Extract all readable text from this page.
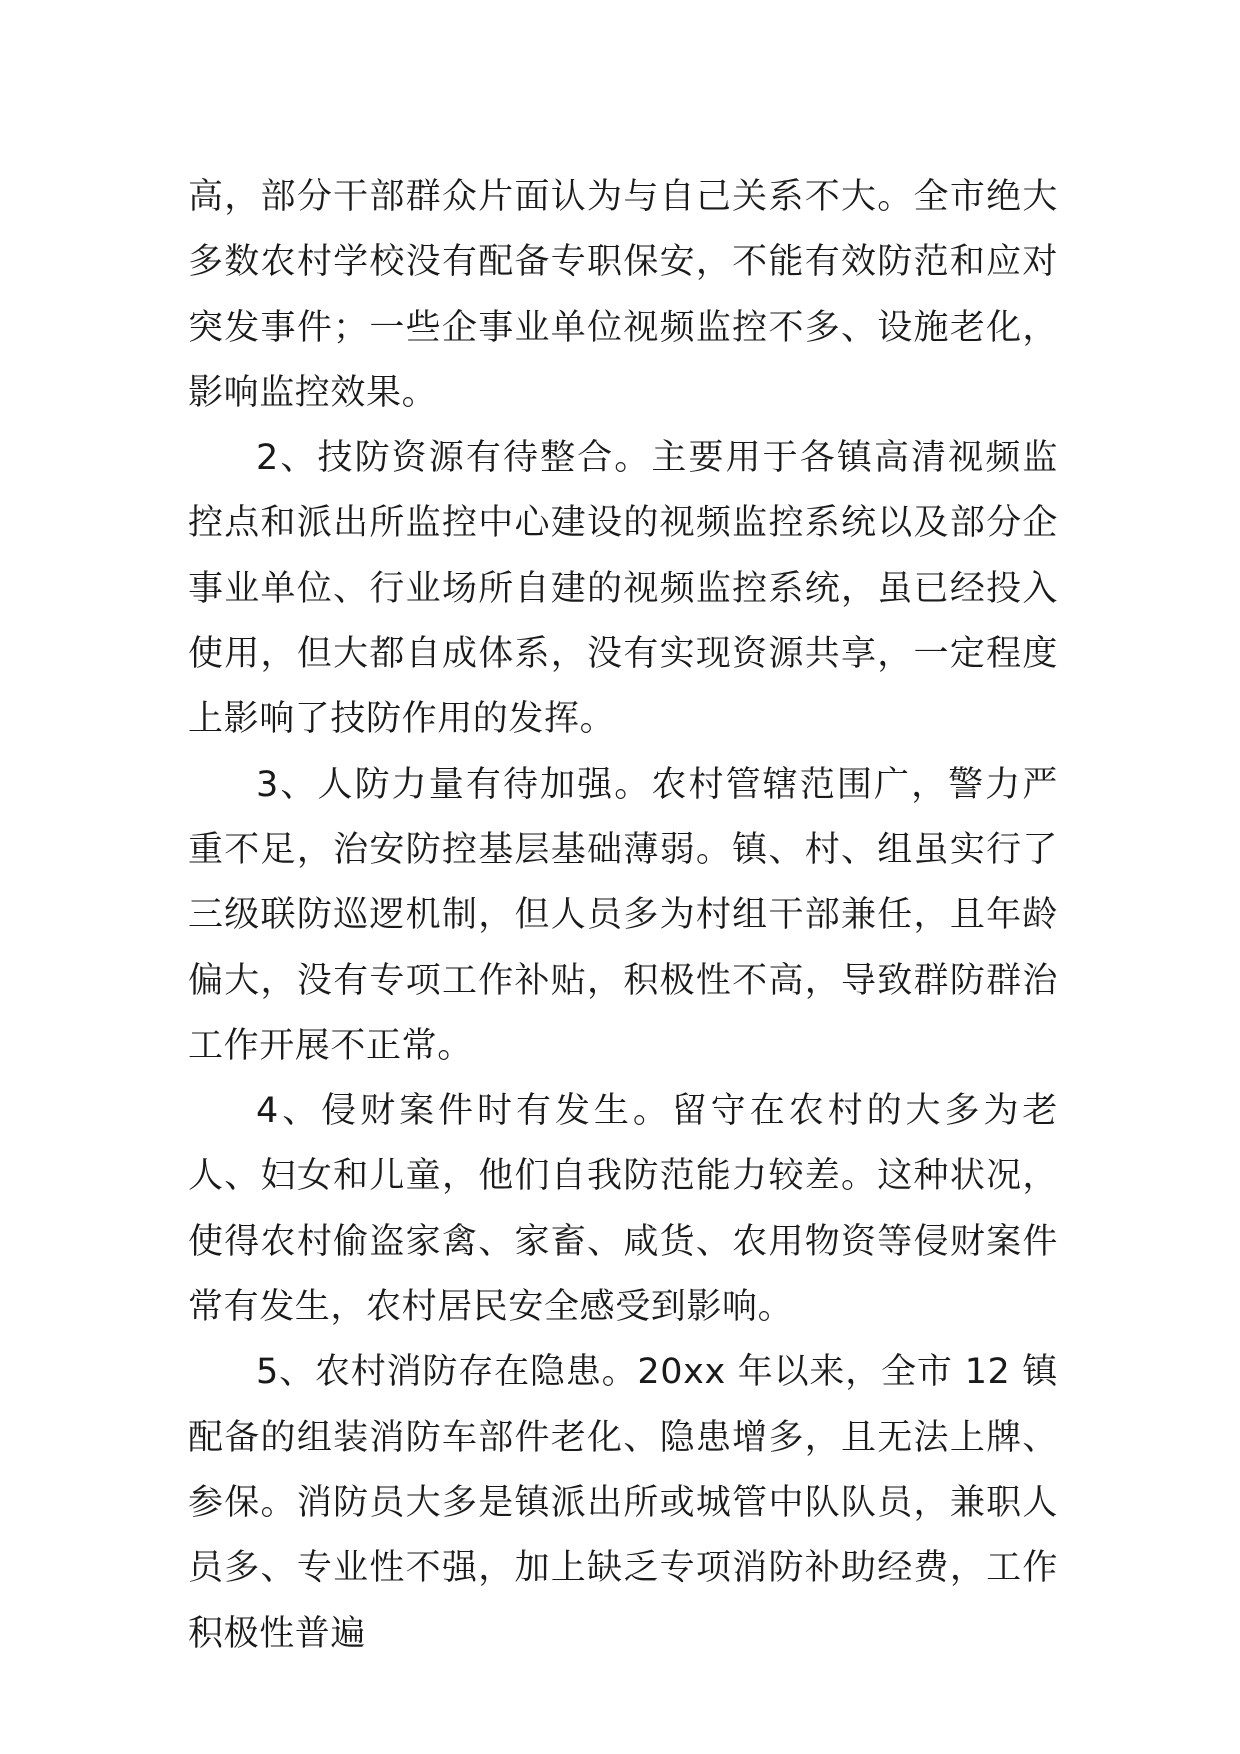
高，部分干部群众片面认为与自己关系不大。全市绝大多数农村学校没有配备专职保安，不能有效防范和应对突发事件；一些企事业单位视频监控不多、设施老化，影响监控效果。

2、技防资源有待整合。主要用于各镇高清视频监控点和派出所监控中心建设的视频监控系统以及部分企事业单位、行业场所自建的视频监控系统，虽已经投入使用，但大都自成体系，没有实现资源共享，一定程度上影响了技防作用的发挥。

3、人防力量有待加强。农村管辖范围广，警力严重不足，治安防控基层基础薄弱。镇、村、组虽实行了三级联防巡逻机制，但人员多为村组干部兼任，且年龄偏大，没有专项工作补贴，积极性不高，导致群防群治工作开展不正常。

4、侵财案件时有发生。留守在农村的大多为老人、妇女和儿童，他们自我防范能力较差。这种状况，使得农村偷盗家禽、家畜、咸货、农用物资等侵财案件常有发生，农村居民安全感受到影响。

5、农村消防存在隐患。20xx 年以来，全市 12 镇配备的组装消防车部件老化、隐患增多，且无法上牌、参保。消防员大多是镇派出所或城管中队队员，兼职人员多、专业性不强，加上缺乏专项消防补助经费，工作积极性普遍
